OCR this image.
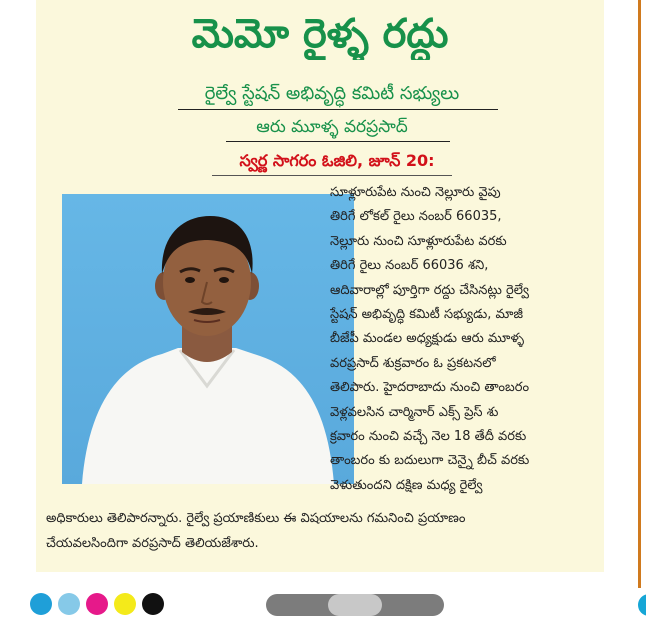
మెమో రైళ్ళ రద్దు
రైల్వే స్టేషన్ అభివృద్ధి కమిటీ సభ్యులు
ఆరు మూళ్ళ వరప్రసాద్
స్వర్ణ సాగరం ఓజిలి, జూన్ 20:
సూళ్లూరుపేట నుంచి నెల్లూరు వైపు
తిరిగే లోకల్ రైలు నంబర్ 66035,
నెల్లూరు నుంచి సూళ్లూరుపేట వరకు
తిరిగే రైలు నంబర్ 66036 శని,
ఆదివారాల్లో పూర్తిగా రద్దు చేసినట్లు రైల్వే
స్టేషన్ అభివృద్ధి కమిటీ సభ్యుడు, మాజీ
బీజేపీ మండల అధ్యక్షుడు ఆరు మూళ్ళ
వరప్రసాద్ శుక్రవారం ఓ ప్రకటనలో
తెలిపారు. హైదరాబాదు నుంచి తాంబరం
వెళ్లవలసిన చార్మినార్ ఎక్స్ ప్రెస్ శు
క్రవారం నుంచి వచ్చే నెల 18 తేదీ వరకు
తాంబరం కు బదులుగా చెన్నై బీచ్ వరకు
వెళుతుందని దక్షిణ మధ్య రైల్వే
అధికారులు తెలిపారన్నారు. రైల్వే ప్రయాణికులు ఈ విషయాలను గమనించి ప్రయాణం
చేయవలసిందిగా వరప్రసాద్ తెలియజేశారు.
